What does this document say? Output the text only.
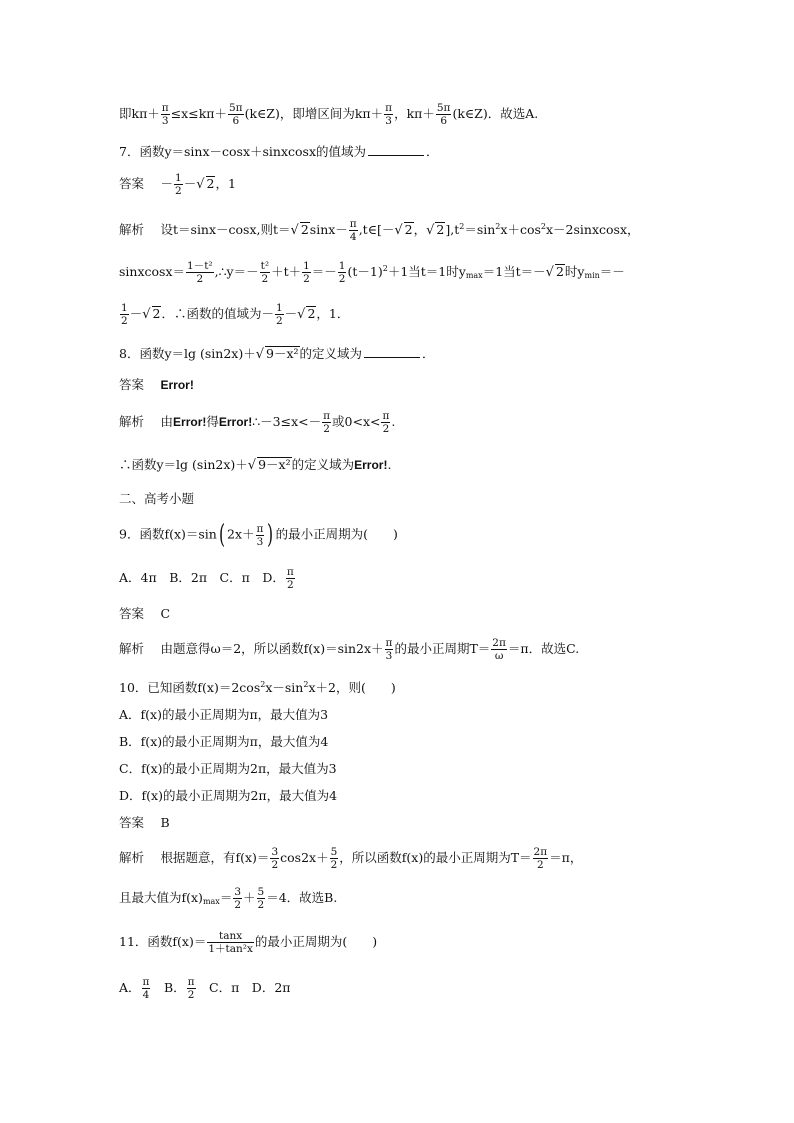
即$k\pi+ \frac{\pi}{3} \le x\le k\pi+ \frac{5\pi}{6}$ (k∈Z)，即增区间为$k\pi+ \frac{\pi}{3}$ ，$k\pi+ \frac{5\pi}{6}$ (k∈Z)．故选A.
7．函数y＝sinx－cosx＋sinxcosx的值域为	．
答案　 － $\frac{1}{2}$ －√ 2，1
解析　 设t＝sinx－cosx,则t＝√ $2\sin x- \frac{\pi}{4}$ ,t∈[－√ 2，√ $2],t^2=\sin^2x+\cos^2x-2sinxcosx$，
sinxcosx＝ $\frac{\text{1－t²}}{2}$ ,∴y＝－ $\frac{\text{t²}}{2} +t+ \frac{1}{2} =- \frac{1}{2} (t-1)^2+1$当t＝1时$y_{max}=1$当t＝－√ 2时$y_{min}=-$
$\frac{1}{2}$ －√ 2．∴函数的值域为－ $\frac{1}{2}$ －√ 2，1．
8．函数y＝lg (sin2x)＋√ 9－x²的定义域为	．
答案　 Error!
解析　 由Error!得Error!∴－3≤x<－ $\frac{\pi}{2}$ 或$0<x< \frac{\pi}{2}$ .
∴函数y＝lg (sin2x)＋√ 9－x²的定义域为Error!.
二、高考小题
9．函数f(x)＝sin( $2x+ \frac{\pi}{3}$ ) 的最小正周期为(　　)
A．4π　B．2π　C．π　D． $\frac{\pi}{2}$
答案　 C
解析　 由题意得ω＝2，所以函数$f(x)=\sin 2x+ \frac{\pi}{3}$ 的最小正周期$T= \frac{2\pi}{\omega} =\pi$．故选C.
10．已知函数$f(x)=2\cos^2x-\sin^2x+2$，则(　　)
A．f(x)的最小正周期为π，最大值为3
B．f(x)的最小正周期为π，最大值为4
C．f(x)的最小正周期为2π，最大值为3
D．f(x)的最小正周期为2π，最大值为4
答案　 B
解析　 根据题意，有$f(x)= \frac{3}{2} \cos 2x+ \frac{5}{2}$ ，所以函数f(x)的最小正周期为$T= \frac{2\pi}{2} =\pi$，
且最大值为$f(x)_{max}= \frac{3}{2} + \frac{5}{2} =4$．故选B.
11．函数$f(x)= \frac{\tan x}{\text{1＋tan²x}}$ 的最小正周期为(　　)
A． $\frac{\pi}{4}$ 　B． $\frac{\pi}{2}$ 　C．π　D．2π
